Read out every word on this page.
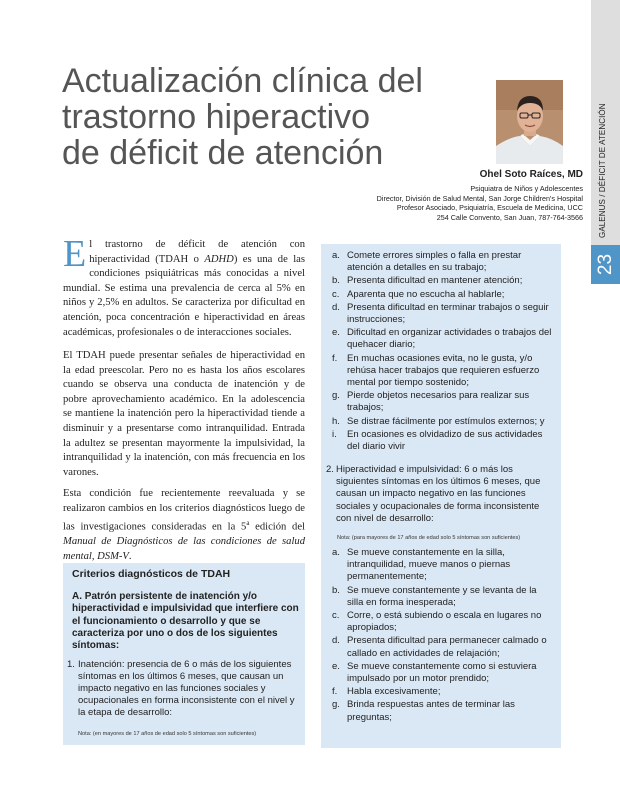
23
GALENUS / DÉFICIT DE ATENCIÓN
Actualización clínica del
trastorno hiperactivo
de déficit de atención
Ohel Soto Raíces, MD
Psiquiatra de Niños y Adolescentes
Director, División de Salud Mental, San Jorge Children's Hospital
Profesor Asociado, Psiquiatría, Escuela de Medicina, UCC
254 Calle Convento, San Juan, 787-764-3566
El trastorno de déficit de atención con hiperactividad (TDAH o ADHD) es una de las condiciones psiquiátricas más conocidas a nivel mundial. Se estima una prevalencia de cerca al 5% en niños y 2,5% en adultos. Se caracteriza por dificultad en atención, poca concentración e hiperactividad en áreas académicas, profesionales o de interacciones sociales.
El TDAH puede presentar señales de hiperactividad en la edad preescolar. Pero no es hasta los años escolares cuando se observa una conducta de inatención y de pobre aprovechamiento académico. En la adolescencia se mantiene la inatención pero la hiperactividad tiende a disminuir y a presentarse como intranquilidad. Entrada la adultez se presentan mayormente la impulsividad, la intranquilidad y la inatención, con más frecuencia en los varones.
Esta condición fue recientemente reevaluada y se realizaron cambios en los criterios diagnósticos luego de las investigaciones consideradas en la 5$^a$ edición del Manual de Diagnósticos de las condiciones de salud mental, DSM-V.
Criterios diagnósticos de TDAH
A. Patrón persistente de inatención y/o hiperactividad e impulsividad que interfiere con el funcionamiento o desarrollo y que se caracteriza por uno o dos de los siguientes síntomas:
1. Inatención: presencia de 6 o más de los siguientes síntomas en los últimos 6 meses, que causan un impacto negativo en las funciones sociales y ocupacionales en forma inconsistente con el nivel y la etapa de desarrollo:
Nota: (en mayores de 17 años de edad solo 5 síntomas son suficientes)
a. Comete errores simples o falla en prestar atención a detalles en su trabajo;
b. Presenta dificultad en mantener atención;
c. Aparenta que no escucha al hablarle;
d. Presenta dificultad en terminar trabajos o seguir instrucciones;
e. Dificultad en organizar actividades o trabajos del quehacer diario;
f. En muchas ocasiones evita, no le gusta, y/o rehúsa hacer trabajos que requieren esfuerzo mental por tiempo sostenido;
g. Pierde objetos necesarios para realizar sus trabajos;
h. Se distrae fácilmente por estímulos externos; y
i. En ocasiones es olvidadizo de sus actividades del diario vivir
2. Hiperactividad e impulsividad: 6 o más los siguientes síntomas en los últimos 6 meses, que causan un impacto negativo en las funciones sociales y ocupacionales de forma inconsistente con nivel de desarrollo:
Nota: (para mayores de 17 años de edad solo 5 síntomas son suficientes)
a. Se mueve constantemente en la silla, intranquilidad, mueve manos o piernas permanentemente;
b. Se mueve constantemente y se levanta de la silla en forma inesperada;
c. Corre, o está subiendo o escala en lugares no apropiados;
d. Presenta dificultad para permanecer calmado o callado en actividades de relajación;
e. Se mueve constantemente como si estuviera impulsado por un motor prendido;
f. Habla excesivamente;
g. Brinda respuestas antes de terminar las preguntas;
